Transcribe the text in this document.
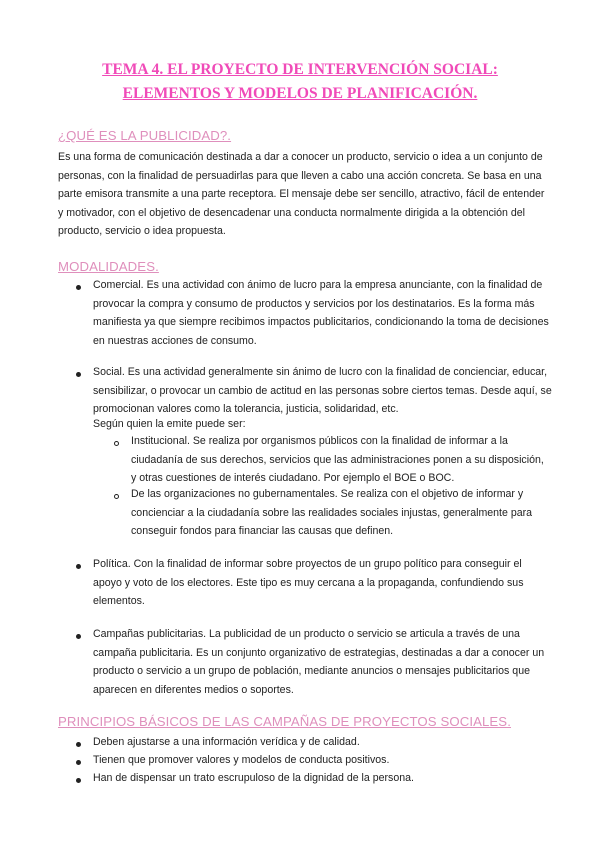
TEMA 4. EL PROYECTO DE INTERVENCIÓN SOCIAL:
ELEMENTOS Y MODELOS DE PLANIFICACIÓN.
¿QUÉ ES LA PUBLICIDAD?.

Es una forma de comunicación destinada a dar a conocer un producto, servicio o idea a un conjunto de personas, con la finalidad de persuadirlas para que lleven a cabo una acción concreta. Se basa en una parte emisora transmite a una parte receptora. El mensaje debe ser sencillo, atractivo, fácil de entender y motivador, con el objetivo de desencadenar una conducta normalmente dirigida a la obtención del producto, servicio o idea propuesta.

MODALIDADES.

Comercial. Es una actividad con ánimo de lucro para la empresa anunciante, con la finalidad de provocar la compra y consumo de productos y servicios por los destinatarios. Es la forma más manifiesta ya que siempre recibimos impactos publicitarios, condicionando la toma de decisiones en nuestras acciones de consumo.

Social. Es una actividad generalmente sin ánimo de lucro con la finalidad de concienciar, educar, sensibilizar, o provocar un cambio de actitud en las personas sobre ciertos temas. Desde aquí, se promocionan valores como la tolerancia, justicia, solidaridad, etc.

Según quien la emite puede ser:

Institucional. Se realiza por organismos públicos con la finalidad de informar a la ciudadanía de sus derechos, servicios que las administraciones ponen a su disposición, y otras cuestiones de interés ciudadano. Por ejemplo el BOE o BOC.

De las organizaciones no gubernamentales. Se realiza con el objetivo de informar y concienciar a la ciudadanía sobre las realidades sociales injustas, generalmente para conseguir fondos para financiar las causas que definen.

Política. Con la finalidad de informar sobre proyectos de un grupo político para conseguir el apoyo y voto de los electores. Este tipo es muy cercana a la propaganda, confundiendo sus elementos.

Campañas publicitarias. La publicidad de un producto o servicio se articula a través de una campaña publicitaria. Es un conjunto organizativo de estrategias, destinadas a dar a conocer un producto o servicio a un grupo de población, mediante anuncios o mensajes publicitarios que aparecen en diferentes medios o soportes.

PRINCIPIOS BÁSICOS DE LAS CAMPAÑAS DE PROYECTOS SOCIALES.

Deben ajustarse a una información verídica y de calidad.

Tienen que promover valores y modelos de conducta positivos.

Han de dispensar un trato escrupuloso de la dignidad de la persona.
